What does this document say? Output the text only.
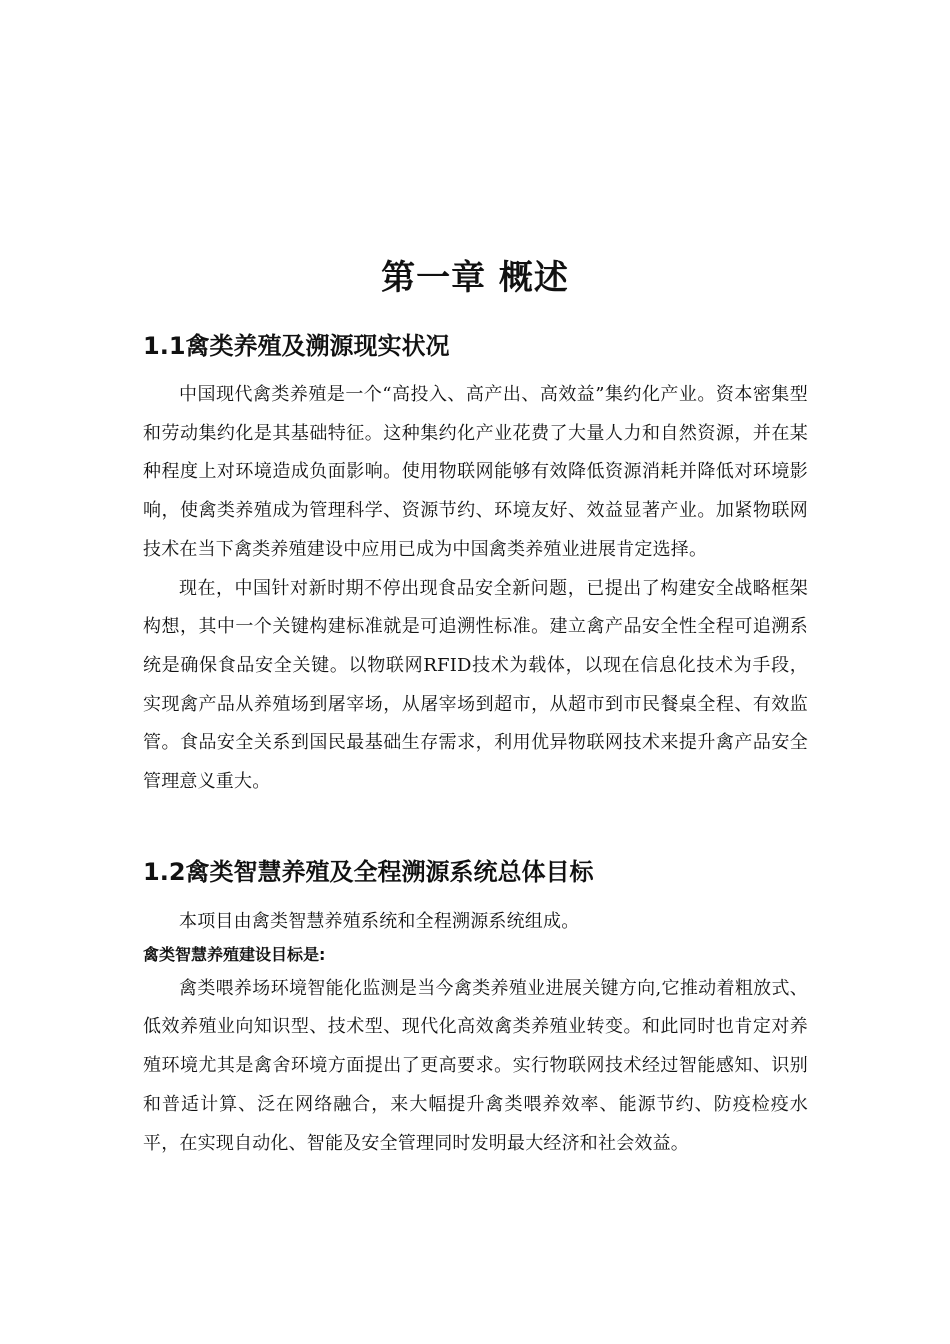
第一章 概述
1.1禽类养殖及溯源现实状况

中国现代禽类养殖是一个“高投入、高产出、高效益”集约化产业。资本密集型和劳动集约化是其基础特征。这种集约化产业花费了大量人力和自然资源，并在某种程度上对环境造成负面影响。使用物联网能够有效降低资源消耗并降低对环境影响，使禽类养殖成为管理科学、资源节约、环境友好、效益显著产业。加紧物联网技术在当下禽类养殖建设中应用已成为中国禽类养殖业进展肯定选择。

现在，中国针对新时期不停出现食品安全新问题，已提出了构建安全战略框架构想，其中一个关键构建标准就是可追溯性标准。建立禽产品安全性全程可追溯系统是确保食品安全关键。以物联网RFID技术为载体，以现在信息化技术为手段，实现禽产品从养殖场到屠宰场，从屠宰场到超市，从超市到市民餐桌全程、有效监管。食品安全关系到国民最基础生存需求，利用优异物联网技术来提升禽产品安全管理意义重大。

1.2禽类智慧养殖及全程溯源系统总体目标

本项目由禽类智慧养殖系统和全程溯源系统组成。

禽类智慧养殖建设目标是:

禽类喂养场环境智能化监测是当今禽类养殖业进展关键方向,它推动着粗放式、低效养殖业向知识型、技术型、现代化高效禽类养殖业转变。和此同时也肯定对养殖环境尤其是禽舍环境方面提出了更高要求。实行物联网技术经过智能感知、识别和普适计算、泛在网络融合，来大幅提升禽类喂养效率、能源节约、防疫检疫水平，在实现自动化、智能及安全管理同时发明最大经济和社会效益。
